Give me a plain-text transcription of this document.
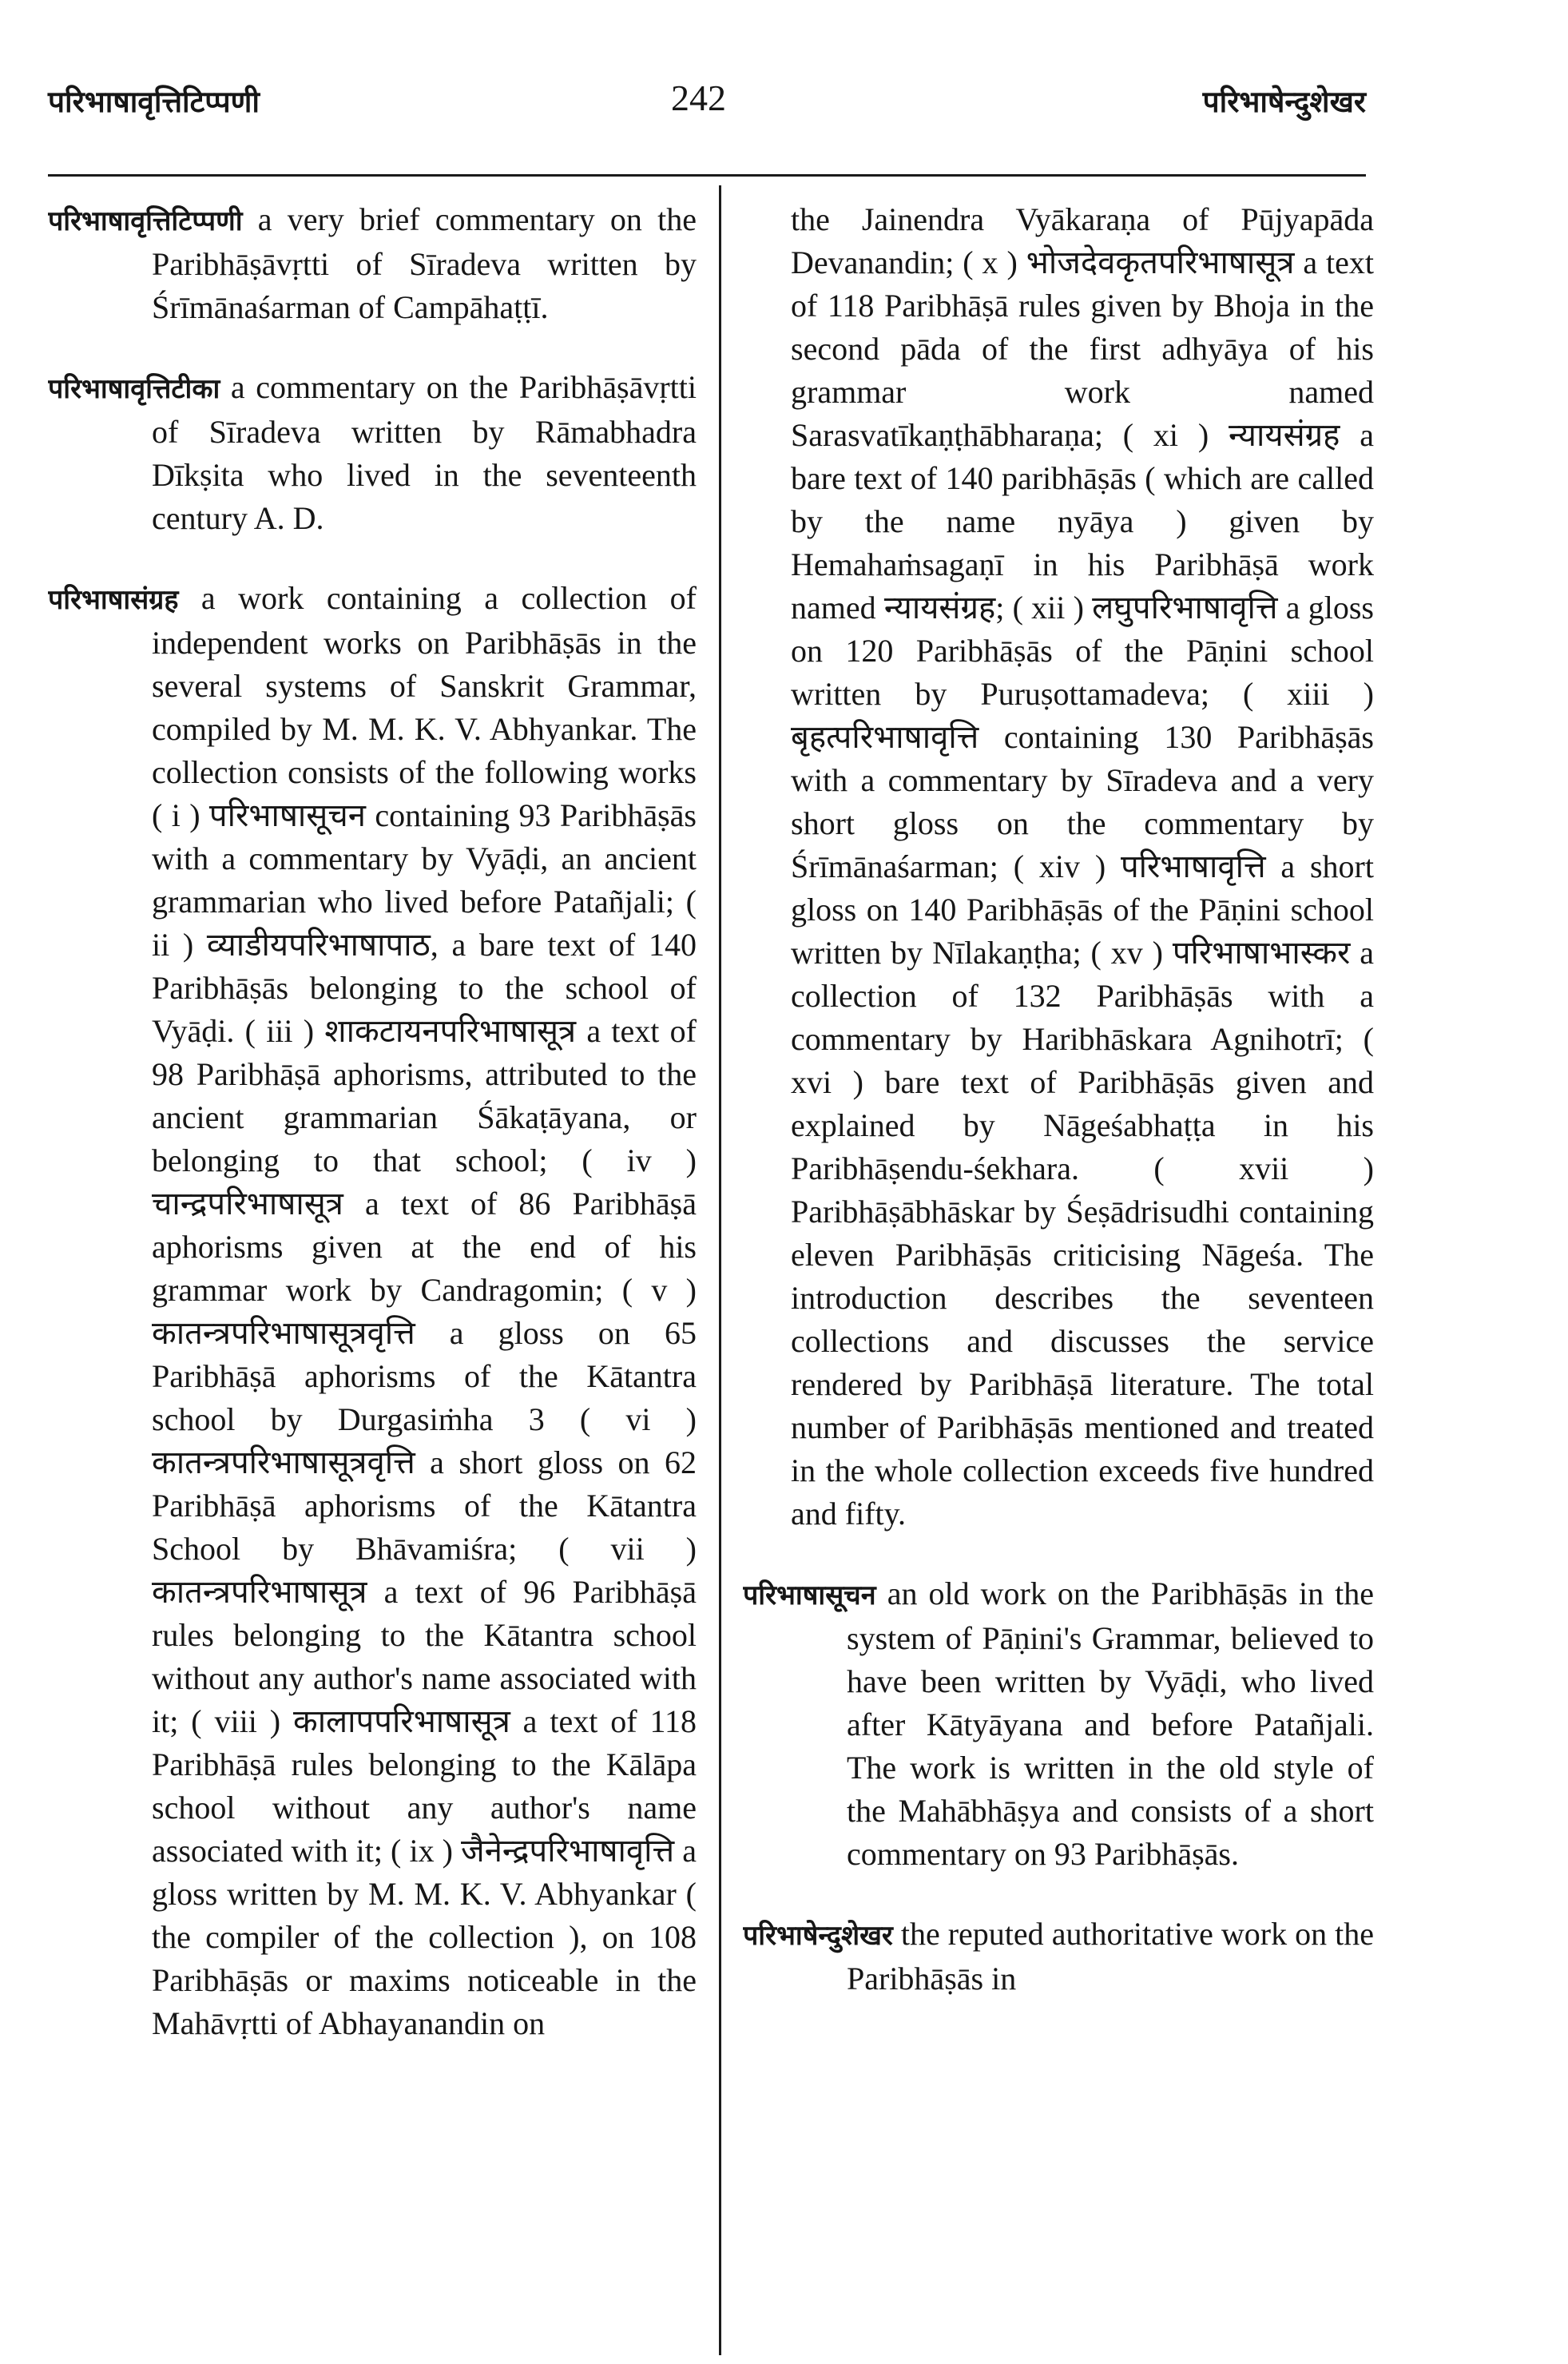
परिभाषावृत्तिटिप्पणी	242	परिभाषेन्दुशेखर

परिभाषावृत्तिटिप्पणी a very brief commentary on the Paribhāṣāvṛtti of Sīradeva written by Śrīmānaśarman of Campāhaṭṭī.

परिभाषावृत्तिटीका a commentary on the Paribhāṣāvṛtti of Sīradeva written by Rāmabhadra Dīkṣita who lived in the seventeenth century A. D.

परिभाषासंग्रह a work containing a collection of independent works on Paribhāṣās in the several systems of Sanskrit Grammar, compiled by M. M. K. V. Abhyankar. The collection consists of the following works ( i ) परिभाषासूचन containing 93 Paribhāṣās with a commentary by Vyāḍi, an ancient grammarian who lived before Patañjali; ( ii ) व्याडीयपरिभाषापाठ, a bare text of 140 Paribhāṣās belonging to the school of Vyāḍi. ( iii ) शाकटायनपरिभाषासूत्र a text of 98 Paribhāṣā aphorisms, attributed to the ancient grammarian Śākaṭāyana, or belonging to that school; ( iv ) चान्द्रपरिभाषासूत्र a text of 86 Paribhāṣā aphorisms given at the end of his grammar work by Candragomin; ( v ) कातन्त्रपरिभाषासूत्रवृत्ति a gloss on 65 Paribhāṣā aphorisms of the Kātantra school by Durgasiṁha 3 ( vi ) कातन्त्रपरिभाषासूत्रवृत्ति a short gloss on 62 Paribhāṣā aphorisms of the Kātantra School by Bhāvamiśra; ( vii ) कातन्त्रपरिभाषासूत्र a text of 96 Paribhāṣā rules belonging to the Kātantra school without any author's name associated with it; ( viii ) कालापपरिभाषासूत्र a text of 118 Paribhāṣā rules belonging to the Kālāpa school without any author's name associated with it; ( ix ) जैनेन्द्रपरिभाषावृत्ति a gloss written by M. M. K. V. Abhyankar ( the compiler of the collection ), on 108 Paribhāṣās or maxims noticeable in the Mahāvṛtti of Abhayanandin on

the Jainendra Vyākaraṇa of Pūjyapāda Devanandin; ( x ) भोजदेवकृतपरिभाषासूत्र a text of 118 Paribhāṣā rules given by Bhoja in the second pāda of the first adhyāya of his grammar work named Sarasvatīkaṇṭhābharaṇa; ( xi ) न्यायसंग्रह a bare text of 140 paribhāṣās ( which are called by the name nyāya ) given by Hemahaṁsagaṇī in his Paribhāṣā work named न्यायसंग्रह; ( xii ) लघुपरिभाषावृत्ति a gloss on 120 Paribhāṣās of the Pāṇini school written by Puruṣottamadeva; ( xiii ) बृहत्परिभाषावृत्ति containing 130 Paribhāṣās with a commentary by Sīradeva and a very short gloss on the commentary by Śrīmānaśarman; ( xiv ) परिभाषावृत्ति a short gloss on 140 Paribhāṣās of the Pāṇini school written by Nīlakaṇṭha; ( xv ) परिभाषाभास्कर a collection of 132 Paribhāṣās with a commentary by Haribhāskara Agnihotrī; ( xvi ) bare text of Paribhāṣās given and explained by Nāgeśabhaṭṭa in his Paribhāṣendu-śekhara. ( xvii ) Paribhāṣābhāskar by Śeṣādrisudhi containing eleven Paribhāṣās criticising Nāgeśa. The introduction describes the seventeen collections and discusses the service rendered by Paribhāṣā literature. The total number of Paribhāṣās mentioned and treated in the whole collection exceeds five hundred and fifty.

परिभाषासूचन an old work on the Paribhāṣās in the system of Pāṇini's Grammar, believed to have been written by Vyāḍi, who lived after Kātyāyana and before Patañjali. The work is written in the old style of the Mahābhāṣya and consists of a short commentary on 93 Paribhāṣās.

परिभाषेन्दुशेखर the reputed authoritative work on the Paribhāṣās in
